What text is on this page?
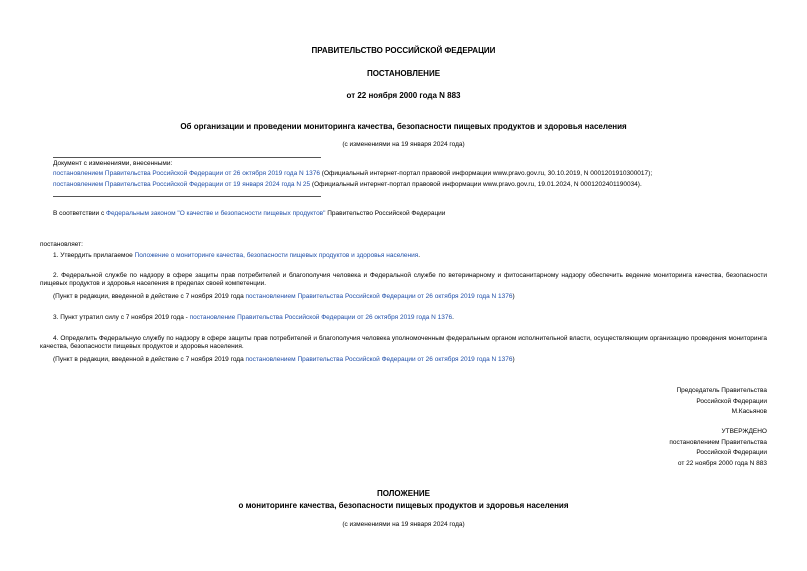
ПРАВИТЕЛЬСТВО РОССИЙСКОЙ ФЕДЕРАЦИИ
ПОСТАНОВЛЕНИЕ
от 22 ноября 2000 года N 883
Об организации и проведении мониторинга качества, безопасности пищевых продуктов и здоровья населения
(с изменениями на 19 января 2024 года)
Документ с изменениями, внесенными:
постановлением Правительства Российской Федерации от 26 октября 2019 года N 1376 (Официальный интернет-портал правовой информации www.pravo.gov.ru, 30.10.2019, N 0001201910300017);
постановлением Правительства Российской Федерации от 19 января 2024 года N 25 (Официальный интернет-портал правовой информации www.pravo.gov.ru, 19.01.2024, N 0001202401190034).
В соответствии с Федеральным законом "О качестве и безопасности пищевых продуктов" Правительство Российской Федерации
постановляет:
1. Утвердить прилагаемое Положение о мониторинге качества, безопасности пищевых продуктов и здоровья населения.
2. Федеральной службе по надзору в сфере защиты прав потребителей и благополучия человека и Федеральной службе по ветеринарному и фитосанитарному надзору обеспечить ведение мониторинга качества, безопасности пищевых продуктов и здоровья населения в пределах своей компетенции.
(Пункт в редакции, введенной в действие с 7 ноября 2019 года постановлением Правительства Российской Федерации от 26 октября 2019 года N 1376)
3. Пункт утратил силу с 7 ноября 2019 года - постановление Правительства Российской Федерации от 26 октября 2019 года N 1376.
4. Определить Федеральную службу по надзору в сфере защиты прав потребителей и благополучия человека уполномоченным федеральным органом исполнительной власти, осуществляющим организацию проведения мониторинга качества, безопасности пищевых продуктов и здоровья населения.
(Пункт в редакции, введенной в действие с 7 ноября 2019 года постановлением Правительства Российской Федерации от 26 октября 2019 года N 1376)
Председатель Правительства
Российской Федерации
М.Касьянов
УТВЕРЖДЕНО
постановлением Правительства
Российской Федерации
от 22 ноября 2000 года N 883
ПОЛОЖЕНИЕ
о мониторинге качества, безопасности пищевых продуктов и здоровья населения
(с изменениями на 19 января 2024 года)
